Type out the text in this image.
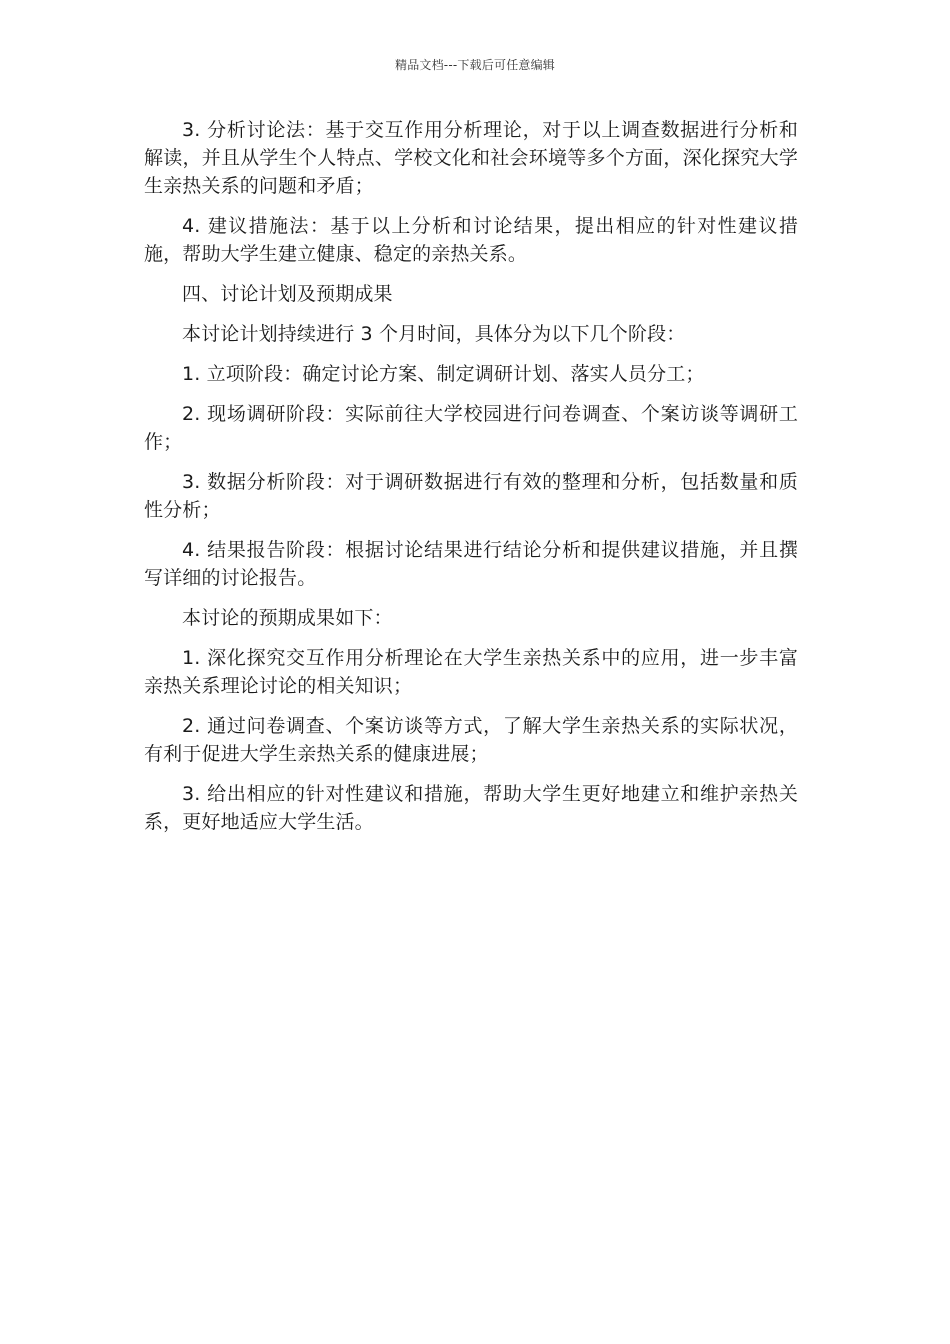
精品文档---下载后可任意编辑

3. 分析讨论法：基于交互作用分析理论，对于以上调查数据进行分析和解读，并且从学生个人特点、学校文化和社会环境等多个方面，深化探究大学生亲热关系的问题和矛盾；

4. 建议措施法：基于以上分析和讨论结果，提出相应的针对性建议措施，帮助大学生建立健康、稳定的亲热关系。

四、讨论计划及预期成果

本讨论计划持续进行 3 个月时间，具体分为以下几个阶段：

1. 立项阶段：确定讨论方案、制定调研计划、落实人员分工；

2. 现场调研阶段：实际前往大学校园进行问卷调查、个案访谈等调研工作；

3. 数据分析阶段：对于调研数据进行有效的整理和分析，包括数量和质性分析；

4. 结果报告阶段：根据讨论结果进行结论分析和提供建议措施，并且撰写详细的讨论报告。

本讨论的预期成果如下：

1. 深化探究交互作用分析理论在大学生亲热关系中的应用，进一步丰富亲热关系理论讨论的相关知识；

2. 通过问卷调查、个案访谈等方式，了解大学生亲热关系的实际状况，有利于促进大学生亲热关系的健康进展；

3. 给出相应的针对性建议和措施，帮助大学生更好地建立和维护亲热关系，更好地适应大学生活。
